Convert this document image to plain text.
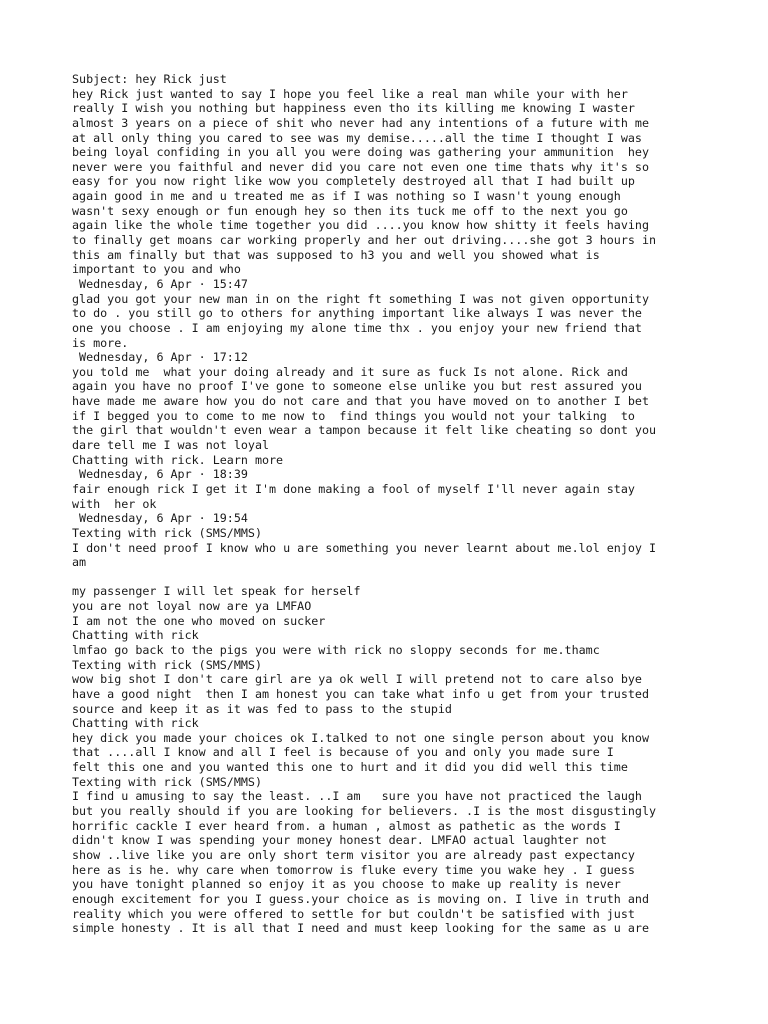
Subject: hey Rick just
hey Rick just wanted to say I hope you feel like a real man while your with her
really I wish you nothing but happiness even tho its killing me knowing I waster
almost 3 years on a piece of shit who never had any intentions of a future with me
at all only thing you cared to see was my demise.....all the time I thought I was
being loyal confiding in you all you were doing was gathering your ammunition  hey
never were you faithful and never did you care not even one time thats why it's so
easy for you now right like wow you completely destroyed all that I had built up
again good in me and u treated me as if I was nothing so I wasn't young enough
wasn't sexy enough or fun enough hey so then its tuck me off to the next you go
again like the whole time together you did ....you know how shitty it feels having
to finally get moans car working properly and her out driving....she got 3 hours in
this am finally but that was supposed to h3 you and well you showed what is
important to you and who
Wednesday, 6 Apr · 15:47
glad you got your new man in on the right ft something I was not given opportunity
to do . you still go to others for anything important like always I was never the
one you choose . I am enjoying my alone time thx . you enjoy your new friend that
is more.
Wednesday, 6 Apr · 17:12
you told me  what your doing already and it sure as fuck Is not alone. Rick and
again you have no proof I've gone to someone else unlike you but rest assured you
have made me aware how you do not care and that you have moved on to another I bet
if I begged you to come to me now to  find things you would not your talking  to
the girl that wouldn't even wear a tampon because it felt like cheating so dont you
dare tell me I was not loyal
Chatting with rick. Learn more
Wednesday, 6 Apr · 18:39
fair enough rick I get it I'm done making a fool of myself I'll never again stay
with  her ok
Wednesday, 6 Apr · 19:54
Texting with rick (SMS/MMS)
I don't need proof I know who u are something you never learnt about me.lol enjoy I
am
my passenger I will let speak for herself
you are not loyal now are ya LMFAO
I am not the one who moved on sucker
Chatting with rick
lmfao go back to the pigs you were with rick no sloppy seconds for me.thamc
Texting with rick (SMS/MMS)
wow big shot I don't care girl are ya ok well I will pretend not to care also bye
have a good night  then I am honest you can take what info u get from your trusted
source and keep it as it was fed to pass to the stupid
Chatting with rick
hey dick you made your choices ok I.talked to not one single person about you know
that ....all I know and all I feel is because of you and only you made sure I
felt this one and you wanted this one to hurt and it did you did well this time
Texting with rick (SMS/MMS)
I find u amusing to say the least. ..I am   sure you have not practiced the laugh
but you really should if you are looking for believers. .I is the most disgustingly
horrific cackle I ever heard from. a human , almost as pathetic as the words I
didn't know I was spending your money honest dear. LMFAO actual laughter not
show ..live like you are only short term visitor you are already past expectancy
here as is he. why care when tomorrow is fluke every time you wake hey . I guess
you have tonight planned so enjoy it as you choose to make up reality is never
enough excitement for you I guess.your choice as is moving on. I live in truth and
reality which you were offered to settle for but couldn't be satisfied with just
simple honesty . It is all that I need and must keep looking for the same as u are
